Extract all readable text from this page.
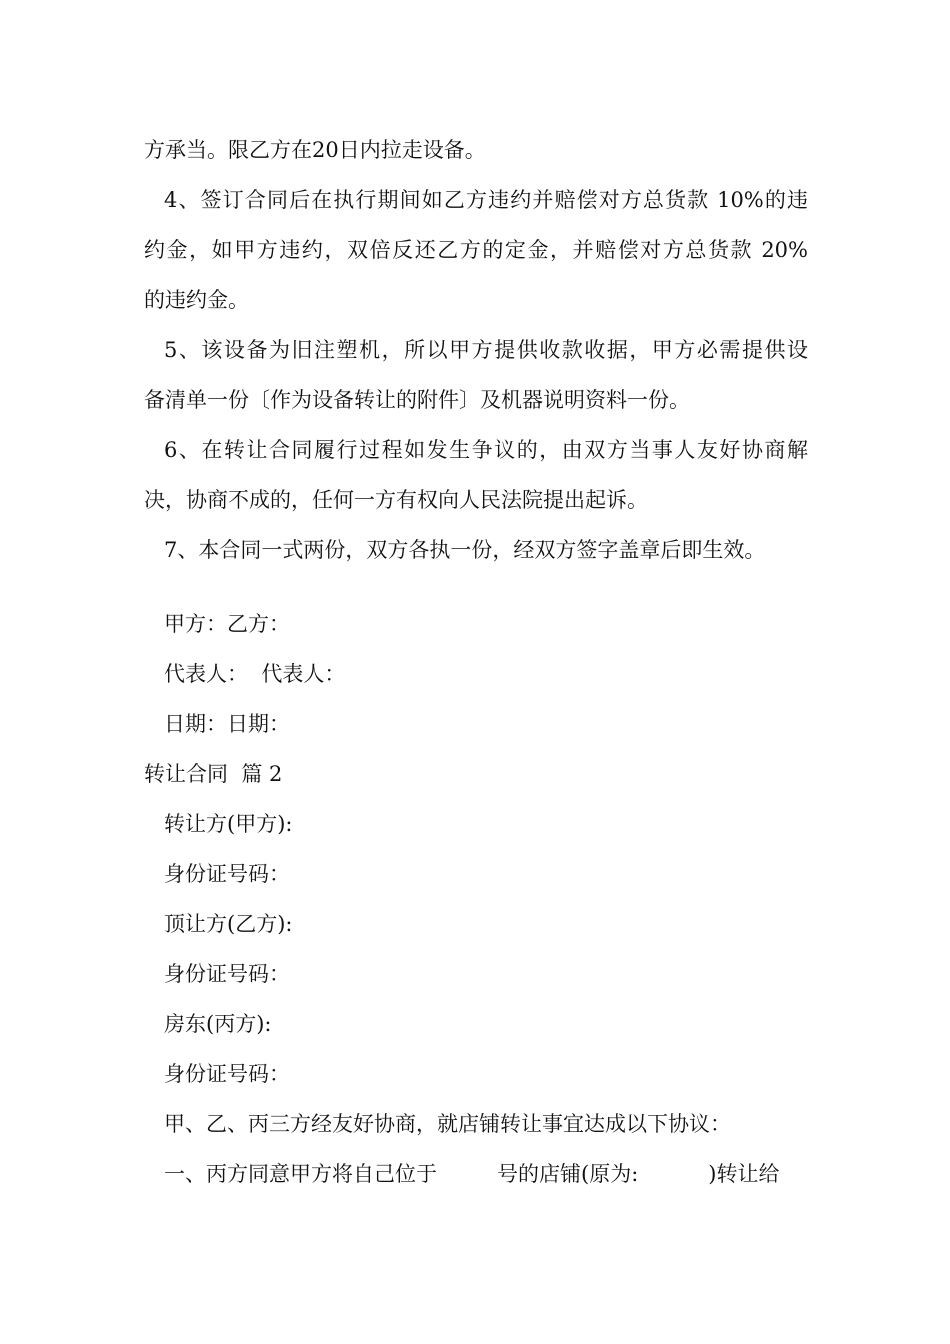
方承当。限乙方在20日内拉走设备。
4、签订合同后在执行期间如乙方违约并赔偿对方总货款 10%的违
约金，如甲方违约，双倍反还乙方的定金，并赔偿对方总货款 20%
的违约金。
5、该设备为旧注塑机，所以甲方提供收款收据，甲方必需提供设
备清单一份〔作为设备转让的附件〕及机器说明资料一份。
6、在转让合同履行过程如发生争议的，由双方当事人友好协商解
决，协商不成的，任何一方有权向人民法院提出起诉。
7、本合同一式两份，双方各执一份，经双方签字盖章后即生效。
甲方：乙方：
代表人：  代表人：
日期：日期：
转让合同  篇 2
转让方(甲方):
身份证号码：
顶让方(乙方):
身份证号码：
房东(丙方):
身份证号码：
甲、乙、丙三方经友好协商，就店铺转让事宜达成以下协议：
一、丙方同意甲方将自己位于	号的店铺(原为:	)转让给
